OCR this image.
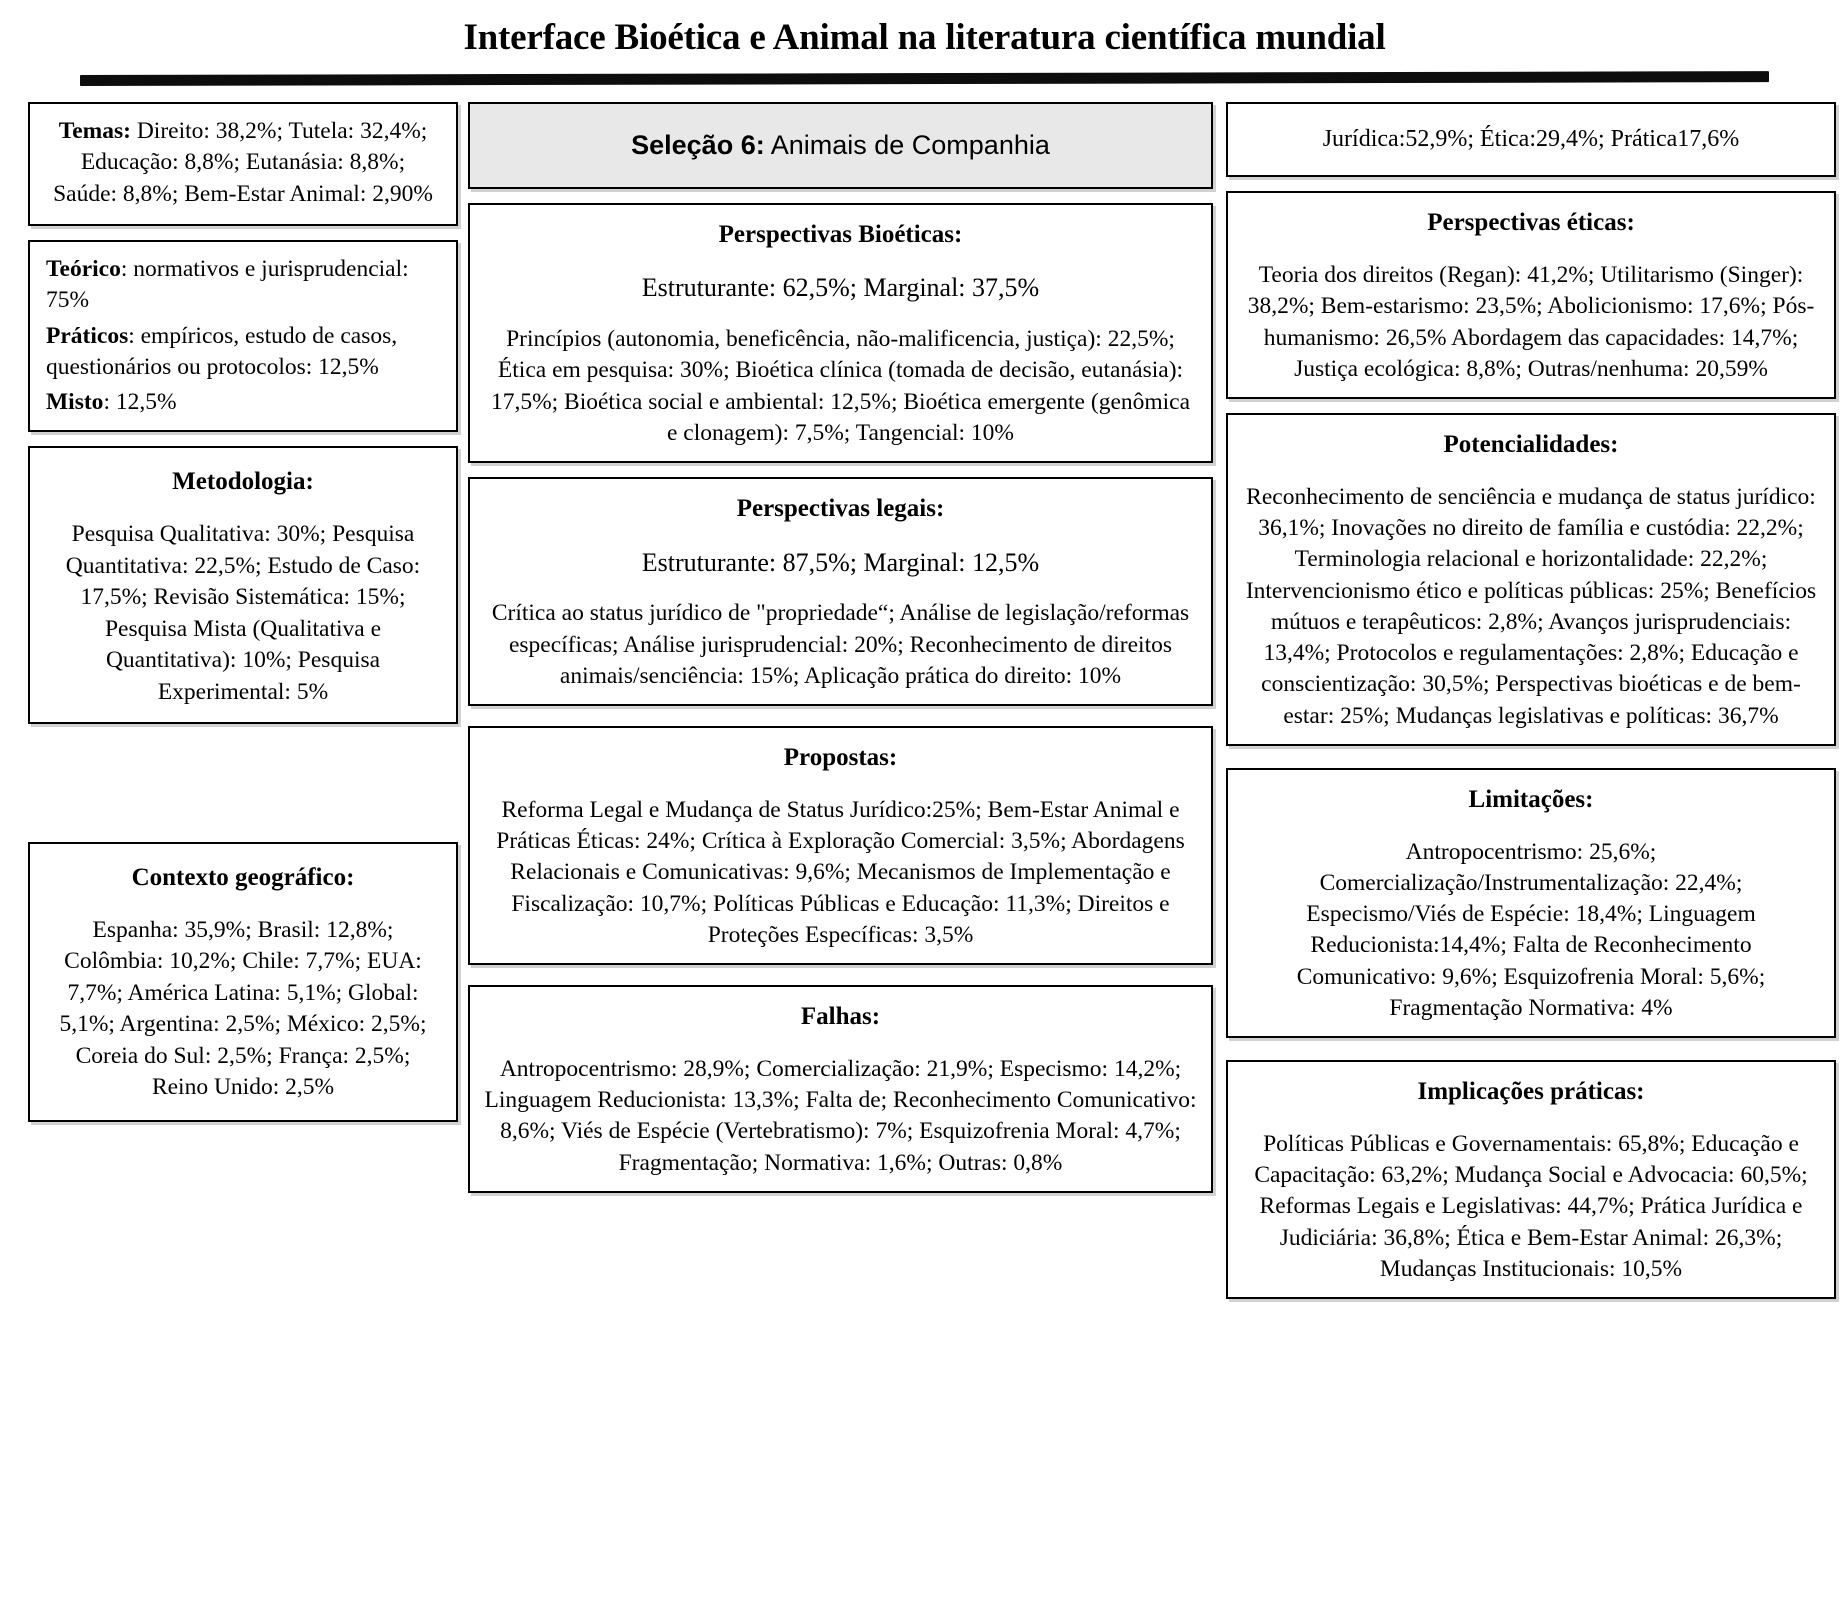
Interface Bioética e Animal na literatura científica mundial

Temas: Direito: 38,2%; Tutela: 32,4%; Educação: 8,8%; Eutanásia: 8,8%; Saúde: 8,8%; Bem-Estar Animal: 2,90%

Teórico: normativos e jurisprudencial: 75%

Práticos: empíricos, estudo de casos, questionários ou protocolos: 12,5%

Misto: 12,5%

Metodologia:

Pesquisa Qualitativa: 30%; Pesquisa Quantitativa: 22,5%; Estudo de Caso: 17,5%; Revisão Sistemática: 15%; Pesquisa Mista (Qualitativa e Quantitativa): 10%; Pesquisa Experimental: 5%

Contexto geográfico:

Espanha: 35,9%; Brasil: 12,8%; Colômbia: 10,2%; Chile: 7,7%; EUA: 7,7%; América Latina: 5,1%; Global: 5,1%; Argentina: 2,5%; México: 2,5%; Coreia do Sul: 2,5%; França: 2,5%; Reino Unido: 2,5%

Seleção 6: Animais de Companhia
Perspectivas Bioéticas:

Estruturante: 62,5%; Marginal: 37,5%

Princípios (autonomia, beneficência, não-malificencia, justiça): 22,5%; Ética em pesquisa: 30%; Bioética clínica (tomada de decisão, eutanásia): 17,5%; Bioética social e ambiental: 12,5%; Bioética emergente (genômica e clonagem): 7,5%; Tangencial: 10%

Perspectivas legais:

Estruturante: 87,5%; Marginal: 12,5%

Crítica ao status jurídico de "propriedade“; Análise de legislação/reformas específicas; Análise jurisprudencial: 20%; Reconhecimento de direitos animais/senciência: 15%; Aplicação prática do direito: 10%

Propostas:

Reforma Legal e Mudança de Status Jurídico:25%; Bem-Estar Animal e Práticas Éticas: 24%; Crítica à Exploração Comercial: 3,5%; Abordagens Relacionais e Comunicativas: 9,6%; Mecanismos de Implementação e Fiscalização: 10,7%; Políticas Públicas e Educação: 11,3%; Direitos e Proteções Específicas: 3,5%

Falhas:

Antropocentrismo: 28,9%; Comercialização: 21,9%; Especismo: 14,2%; Linguagem Reducionista: 13,3%; Falta de; Reconhecimento Comunicativo: 8,6%; Viés de Espécie (Vertebratismo): 7%; Esquizofrenia Moral: 4,7%; Fragmentação; Normativa: 1,6%; Outras: 0,8%

Jurídica:52,9%; Ética:29,4%; Prática17,6%

Perspectivas éticas:

Teoria dos direitos (Regan): 41,2%; Utilitarismo (Singer): 38,2%; Bem-estarismo: 23,5%; Abolicionismo: 17,6%; Pós-humanismo: 26,5% Abordagem das capacidades: 14,7%; Justiça ecológica: 8,8%; Outras/nenhuma: 20,59%

Potencialidades:

Reconhecimento de senciência e mudança de status jurídico: 36,1%; Inovações no direito de família e custódia: 22,2%; Terminologia relacional e horizontalidade: 22,2%; Intervencionismo ético e políticas públicas: 25%; Benefícios mútuos e terapêuticos: 2,8%; Avanços jurisprudenciais: 13,4%; Protocolos e regulamentações: 2,8%; Educação e conscientização: 30,5%; Perspectivas bioéticas e de bem-estar: 25%; Mudanças legislativas e políticas: 36,7%

Limitações:

Antropocentrismo: 25,6%; Comercialização/Instrumentalização: 22,4%; Especismo/Viés de Espécie: 18,4%; Linguagem Reducionista:14,4%; Falta de Reconhecimento Comunicativo: 9,6%; Esquizofrenia Moral: 5,6%; Fragmentação Normativa: 4%

Implicações práticas:

Políticas Públicas e Governamentais: 65,8%; Educação e Capacitação: 63,2%; Mudança Social e Advocacia: 60,5%; Reformas Legais e Legislativas: 44,7%; Prática Jurídica e Judiciária: 36,8%; Ética e Bem-Estar Animal: 26,3%; Mudanças Institucionais: 10,5%
